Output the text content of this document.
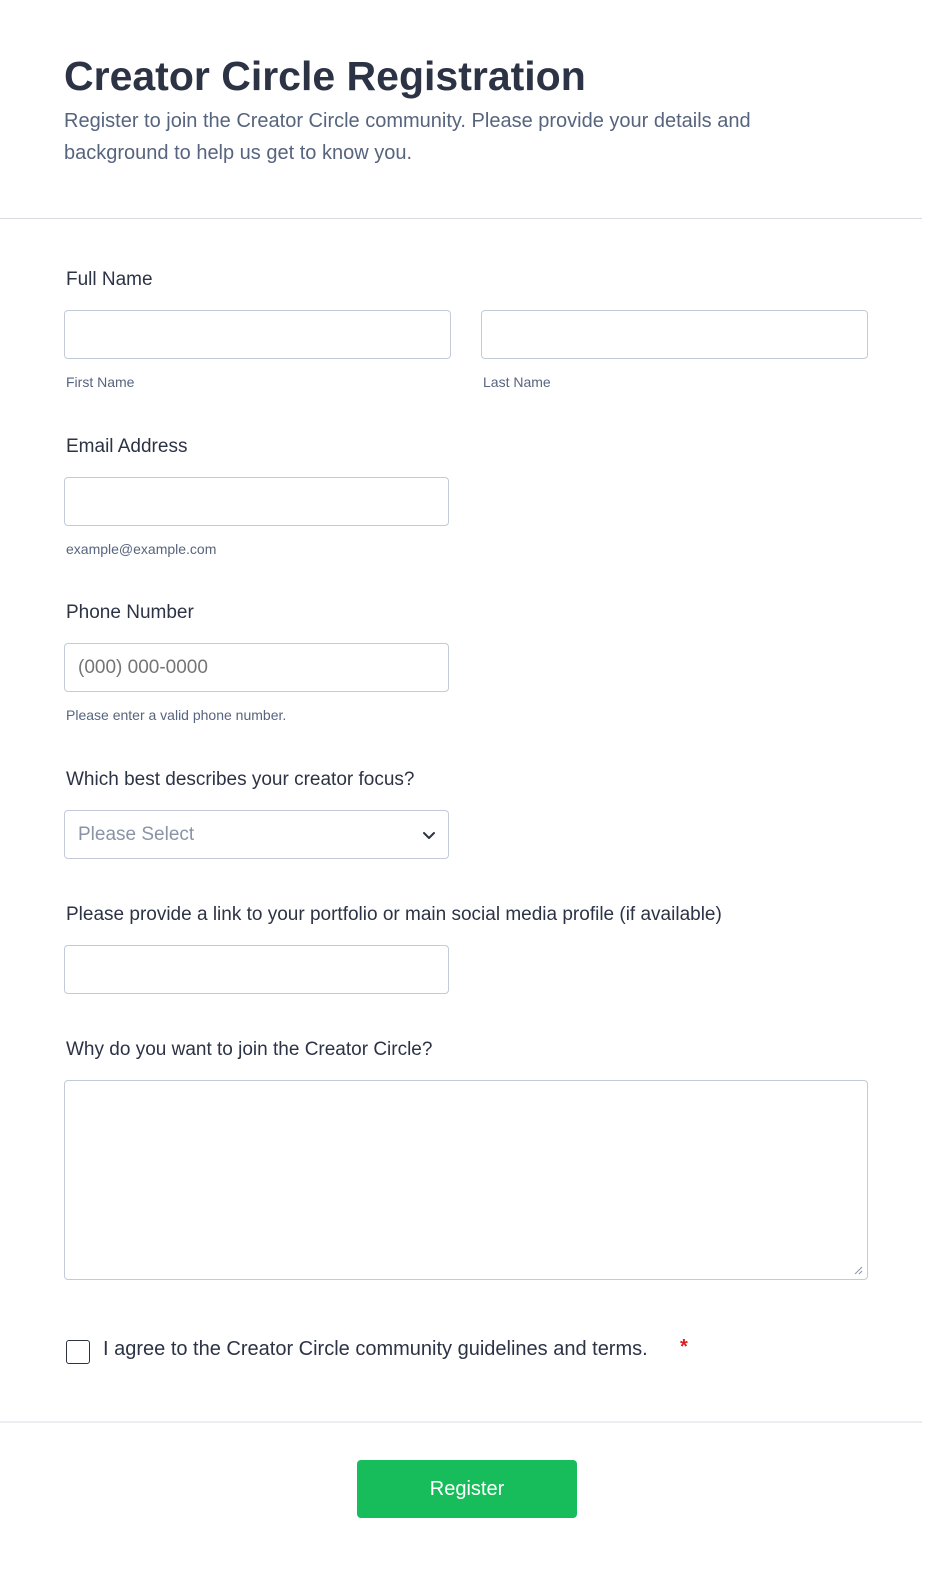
Creator Circle Registration

Register to join the Creator Circle community. Please provide your details and background to help us get to know you.

Full Name
First Name	Last Name
Email Address
example@example.com
Phone Number
(000) 000-0000
Please enter a valid phone number.
Which best describes your creator focus?
Please Select
Please provide a link to your portfolio or main social media profile (if available)
Why do you want to join the Creator Circle?
I agree to the Creator Circle community guidelines and terms. *
Register
